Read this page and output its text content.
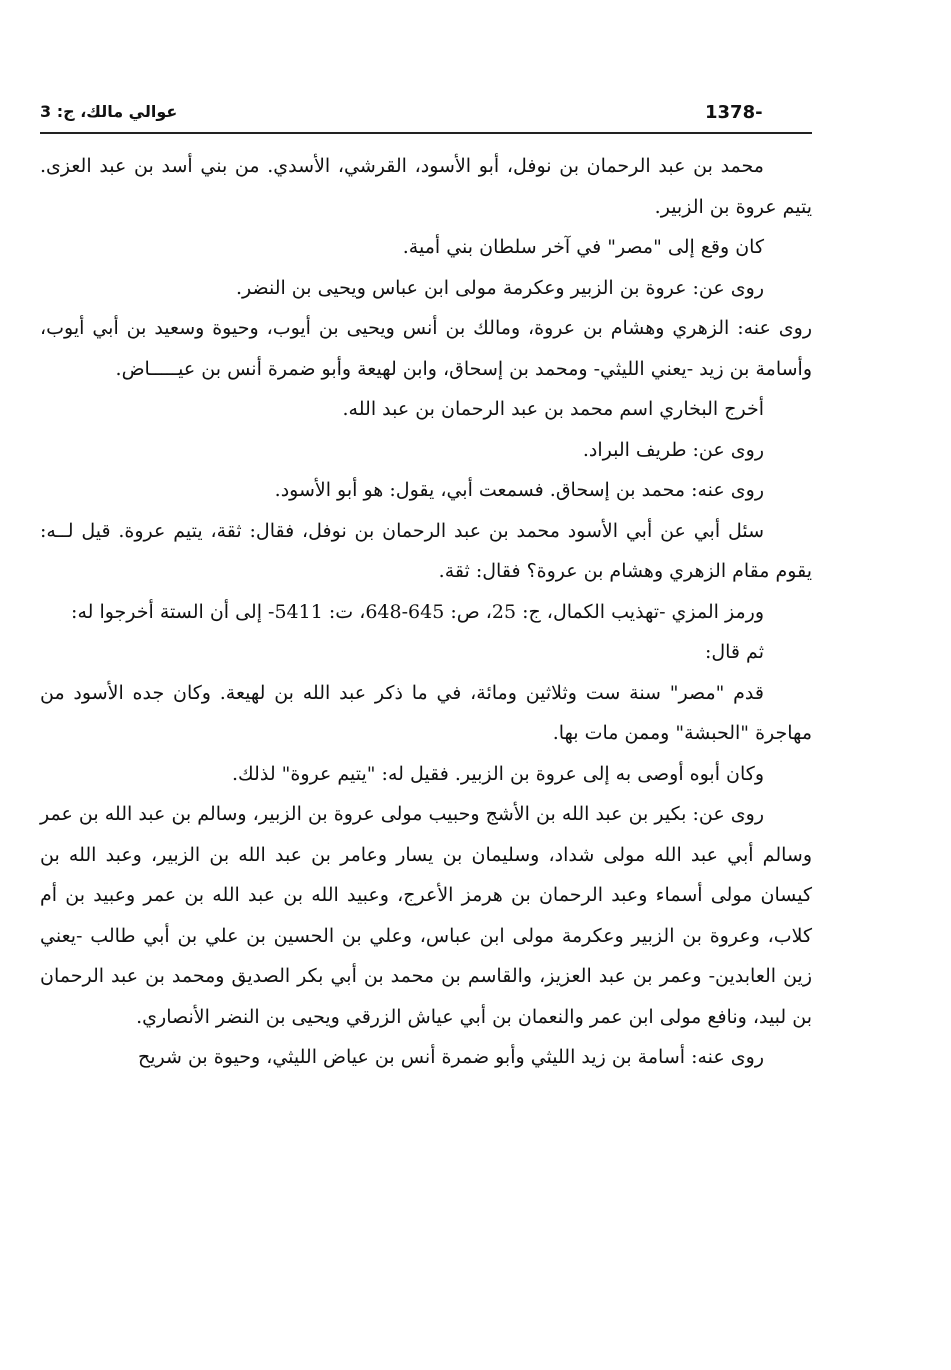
1378-
عوالي مالك، ج: 3

محمد بن عبد الرحمان بن نوفل، أبو الأسود، القرشي، الأسدي. من بني أسد بن عبد العزى. يتيم عروة بن الزبير.

كان وقع إلى "مصر" في آخر سلطان بني أمية.

روى عن: عروة بن الزبير وعكرمة مولى ابن عباس ويحيى بن النضر.

روى عنه: الزهري وهشام بن عروة، ومالك بن أنس ويحيى بن أيوب، وحيوة وسعيد بن أبي أيوب، وأسامة بن زيد -يعني الليثي- ومحمد بن إسحاق، وابن لهيعة وأبو ضمرة أنس بن عيـــــاض.

أخرج البخاري اسم محمد بن عبد الرحمان بن عبد الله.

روى عن: طريف البراد.

روى عنه: محمد بن إسحاق. فسمعت أبي، يقول: هو أبو الأسود.

سئل أبي عن أبي الأسود محمد بن عبد الرحمان بن نوفل، فقال: ثقة، يتيم عروة. قيل لــه: يقوم مقام الزهري وهشام بن عروة؟ فقال: ثقة.

ورمز المزي -تهذيب الكمال، ج: 25، ص: 645-648، ت: 5411- إلى أن الستة أخرجوا له:

ثم قال:

قدم "مصر" سنة ست وثلاثين ومائة، في ما ذكر عبد الله بن لهيعة. وكان جده الأسود من مهاجرة "الحبشة" وممن مات بها.

وكان أبوه أوصى به إلى عروة بن الزبير. فقيل له: "يتيم عروة" لذلك.

روى عن: بكير بن عبد الله بن الأشج وحبيب مولى عروة بن الزبير، وسالم بن عبد الله بن عمر وسالم أبي عبد الله مولى شداد، وسليمان بن يسار وعامر بن عبد الله بن الزبير، وعبد الله بن كيسان مولى أسماء وعبد الرحمان بن هرمز الأعرج، وعبيد الله بن عبد الله بن عمر وعبيد بن أم كلاب، وعروة بن الزبير وعكرمة مولى ابن عباس، وعلي بن الحسين بن علي بن أبي طالب -يعني زين العابدين- وعمر بن عبد العزيز، والقاسم بن محمد بن أبي بكر الصديق ومحمد بن عبد الرحمان بن لبيد، ونافع مولى ابن عمر والنعمان بن أبي عياش الزرقي ويحيى بن النضر الأنصاري.

روى عنه: أسامة بن زيد الليثي وأبو ضمرة أنس بن عياض الليثي، وحيوة بن شريح
